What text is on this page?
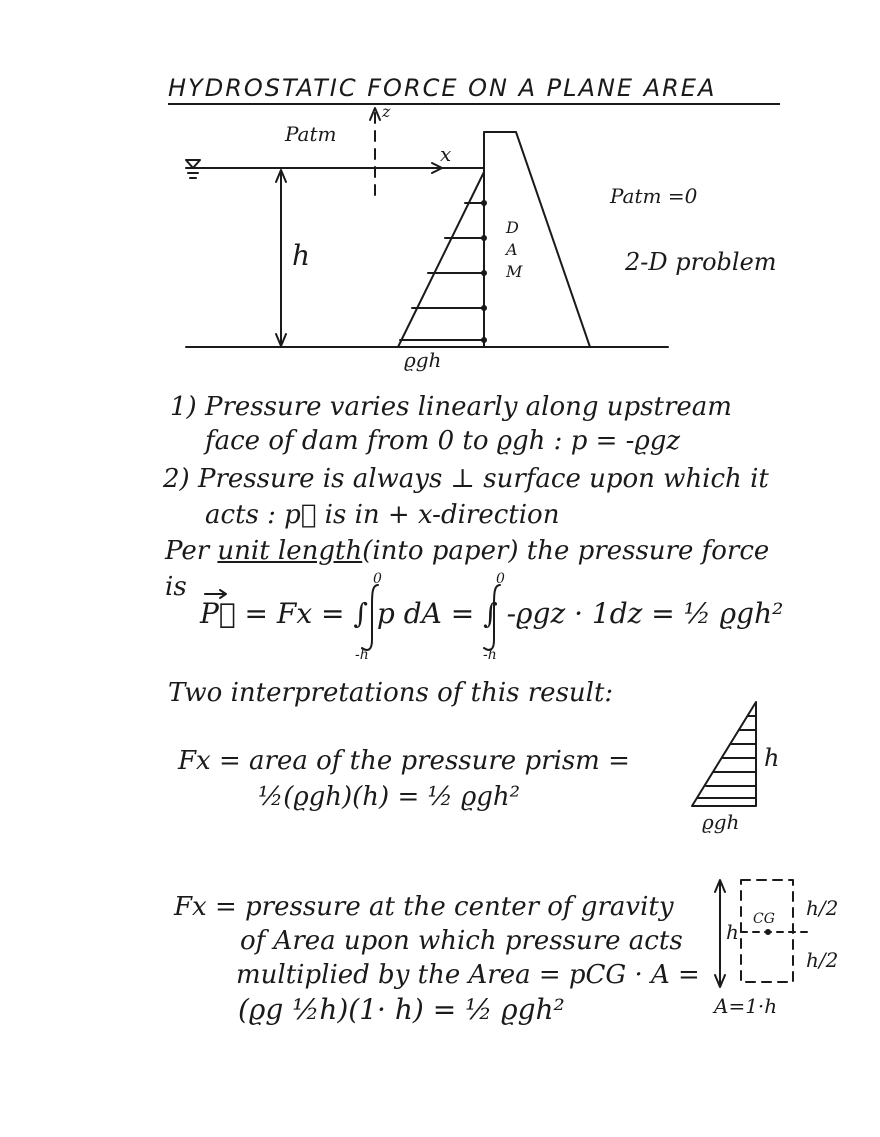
HYDROSTATIC FORCE ON A PLANE AREA
Patm
z
x
h
D
A
M
ϱgh
Patm =0
2-D problem
1) Pressure varies linearly along upstream
face of dam from 0 to ϱgh : p = -ϱgz
2) Pressure is always ⊥ surface upon which it
acts : p⃗ is in + x-direction
Per unit length(into paper) the pressure force
is
P⃗ = Fx = ∫ p dA = ∫ -ϱgz · 1dz = ½ ϱgh²
0
-h
0
-h
Two interpretations of this result:
Fx = area of the pressure prism =
½(ϱgh)(h) = ½ ϱgh²
h
ϱgh
Fx = pressure at the center of gravity
of Area upon which pressure acts
multiplied by the Area = pCG · A =
(ϱg ½h)(1· h) = ½ ϱgh²
h
CG h/2
h/2
A=1·h
